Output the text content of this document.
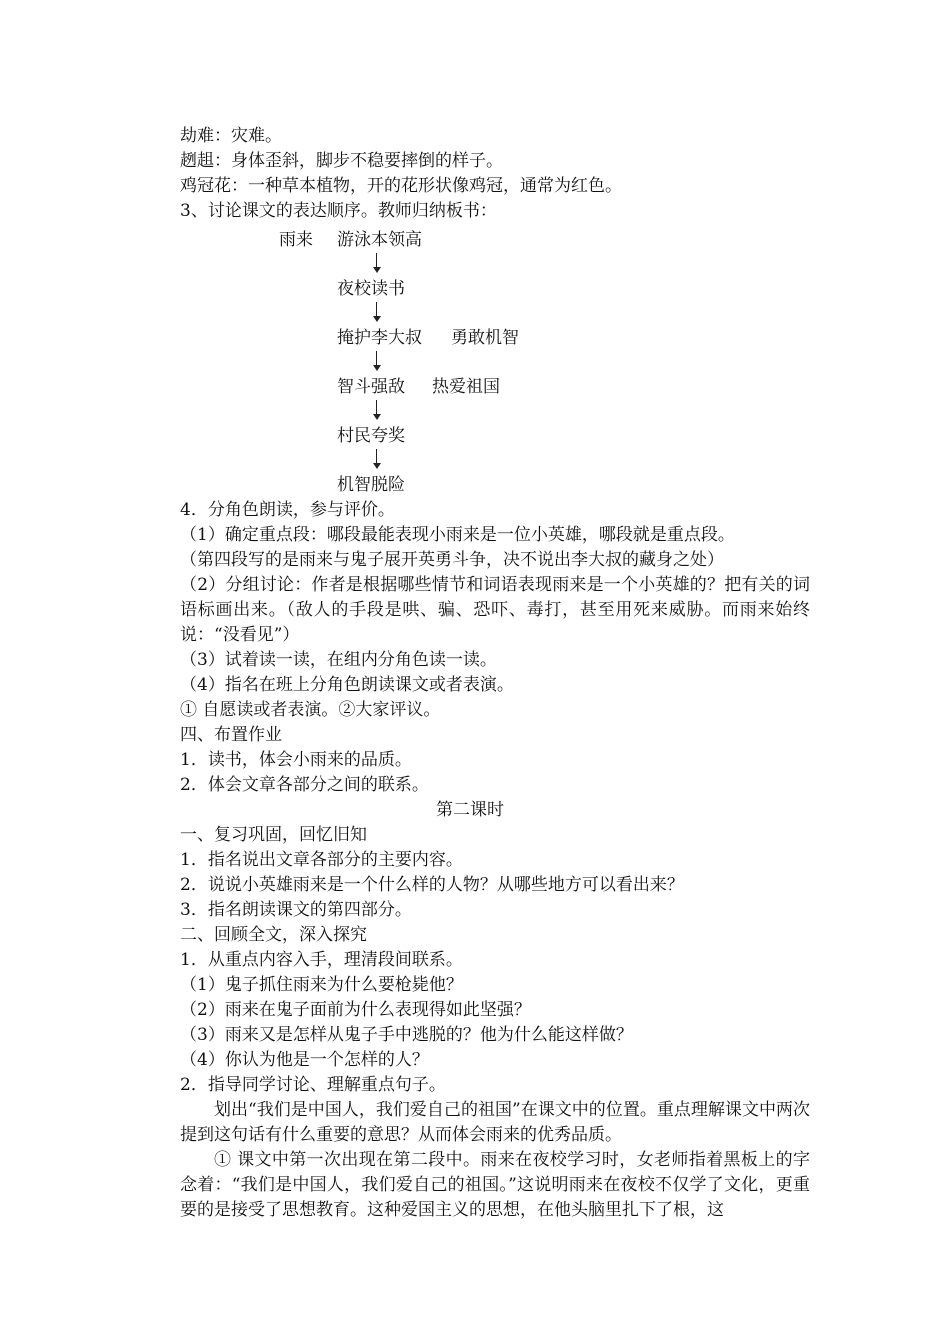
劫难：灾难。
趔趄：身体歪斜，脚步不稳要摔倒的样子。
鸡冠花：一种草本植物，开的花形状像鸡冠，通常为红色。
3、讨论课文的表达顺序。教师归纳板书：
雨来 游泳本领高
夜校读书
掩护李大叔 勇敢机智
智斗强敌 热爱祖国
村民夸奖
机智脱险
4．分角色朗读，参与评价。
（1）确定重点段：哪段最能表现小雨来是一位小英雄，哪段就是重点段。
（第四段写的是雨来与鬼子展开英勇斗争，决不说出李大叔的藏身之处）
（2）分组讨论：作者是根据哪些情节和词语表现雨来是一个小英雄的？把有关的词语标画出来。（敌人的手段是哄、骗、恐吓、毒打，甚至用死来威胁。而雨来始终说：“没看见”）
（3）试着读一读，在组内分角色读一读。
（4）指名在班上分角色朗读课文或者表演。
① 自愿读或者表演。②大家评议。
四、布置作业
1．读书，体会小雨来的品质。
2．体会文章各部分之间的联系。
第二课时
一、复习巩固，回忆旧知
1．指名说出文章各部分的主要内容。
2．说说小英雄雨来是一个什么样的人物？从哪些地方可以看出来？
3．指名朗读课文的第四部分。
二、回顾全文，深入探究
1．从重点内容入手，理清段间联系。
（1）鬼子抓住雨来为什么要枪毙他？
（2）雨来在鬼子面前为什么表现得如此坚强？
（3）雨来又是怎样从鬼子手中逃脱的？他为什么能这样做？
（4）你认为他是一个怎样的人？
2．指导同学讨论、理解重点句子。
划出“我们是中国人，我们爱自己的祖国”在课文中的位置。重点理解课文中两次提到这句话有什么重要的意思？从而体会雨来的优秀品质。
① 课文中第一次出现在第二段中。雨来在夜校学习时，女老师指着黑板上的字念着：“我们是中国人，我们爱自己的祖国。”这说明雨来在夜校不仅学了文化，更重要的是接受了思想教育。这种爱国主义的思想，在他头脑里扎下了根，这
